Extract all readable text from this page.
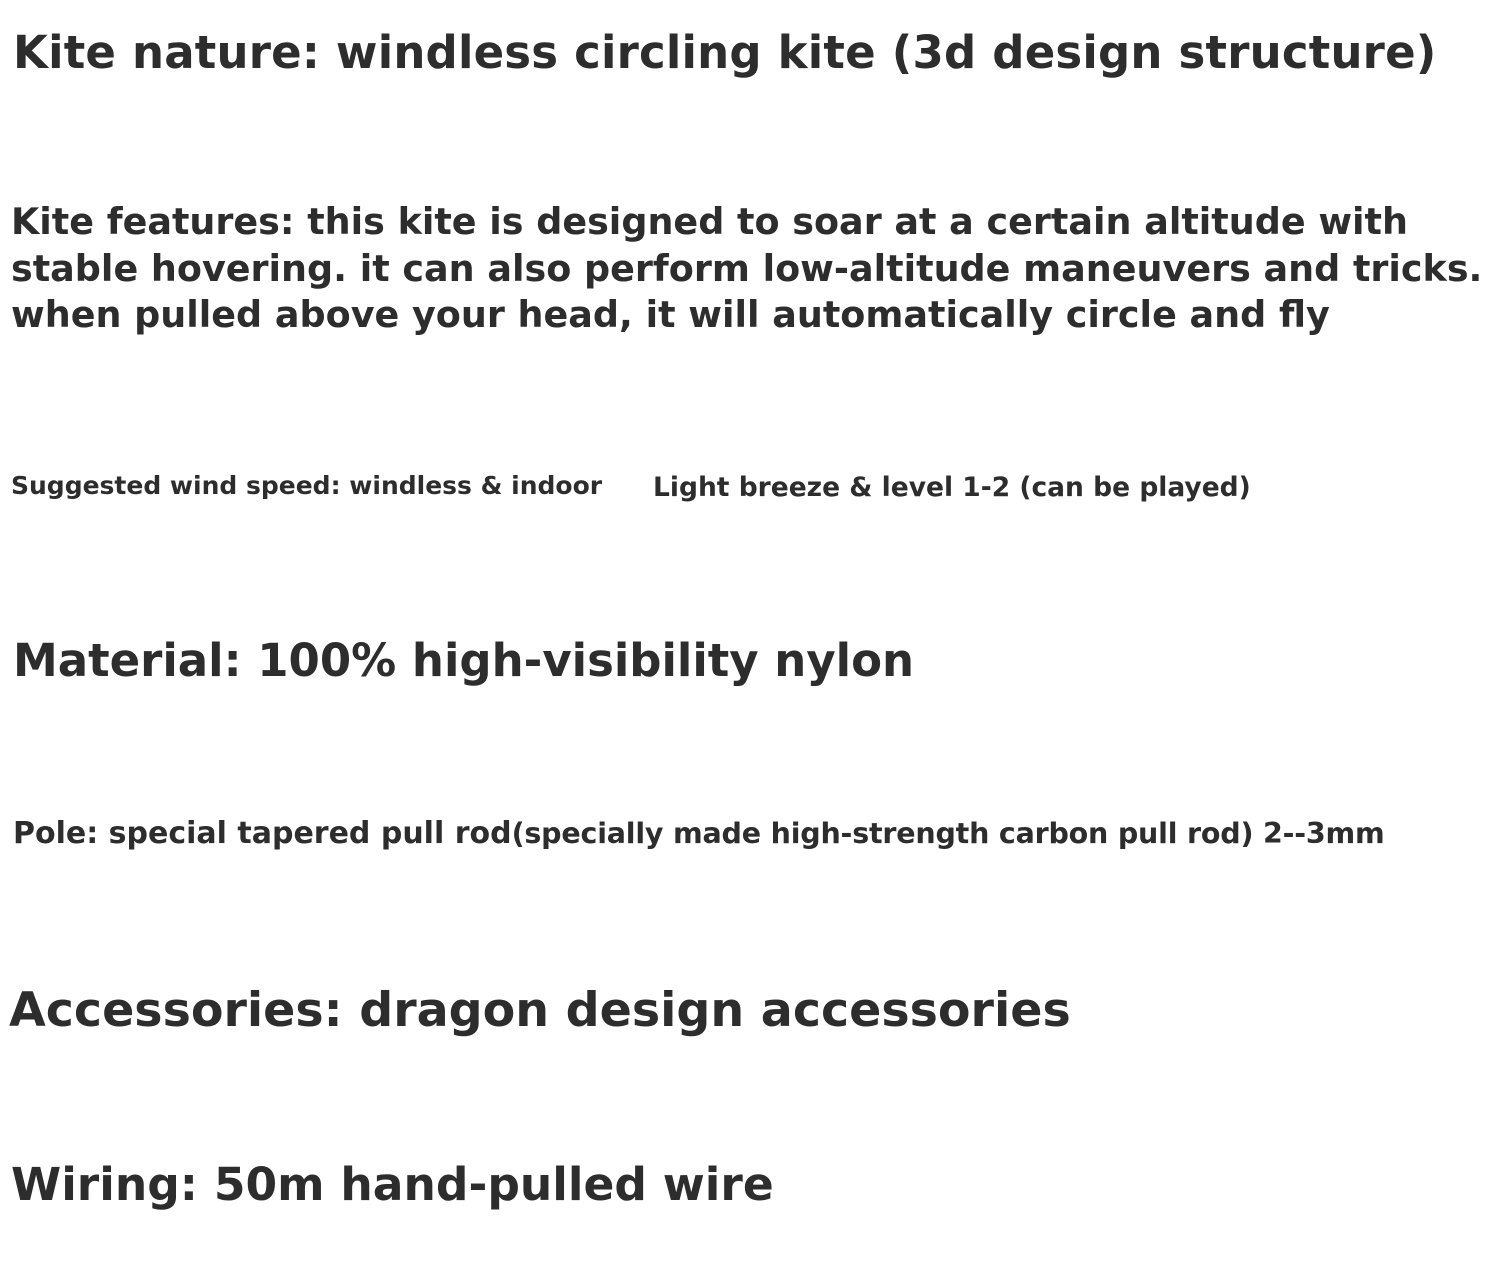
Kite nature: windless circling kite (3d design structure)
Kite features: this kite is designed to soar at a certain altitude with
stable hovering. it can also perform low-altitude maneuvers and tricks.
when pulled above your head, it will automatically circle and fly
Suggested wind speed: windless & indoor Light breeze & level 1-2 (can be played)
Material: 100% high-visibility nylon
Pole: special tapered pull rod(specially made high-strength carbon pull rod) 2--3mm
Accessories: dragon design accessories
Wiring: 50m hand-pulled wire
